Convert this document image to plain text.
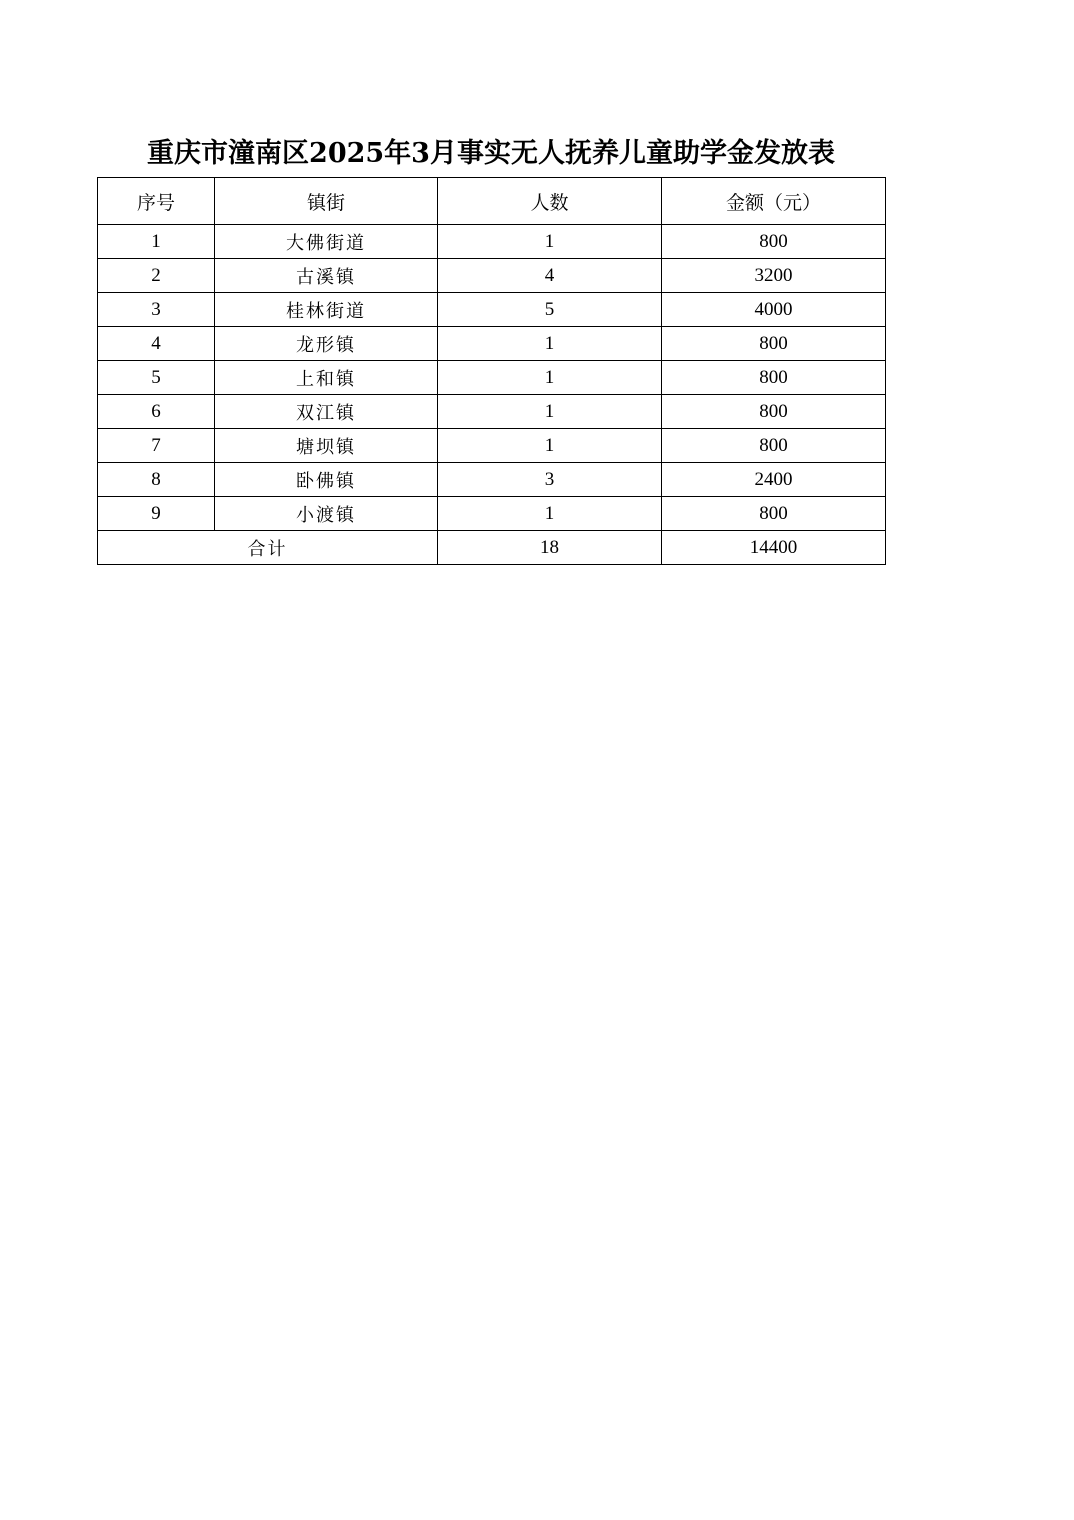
重庆市潼南区2025年3月事实无人抚养儿童助学金发放表
序号	镇街	人数	金额（元）
1	大佛街道	1	800
2	古溪镇	4	3200
3	桂林街道	5	4000
4	龙形镇	1	800
5	上和镇	1	800
6	双江镇	1	800
7	塘坝镇	1	800
8	卧佛镇	3	2400
9	小渡镇	1	800
合计		18	14400
